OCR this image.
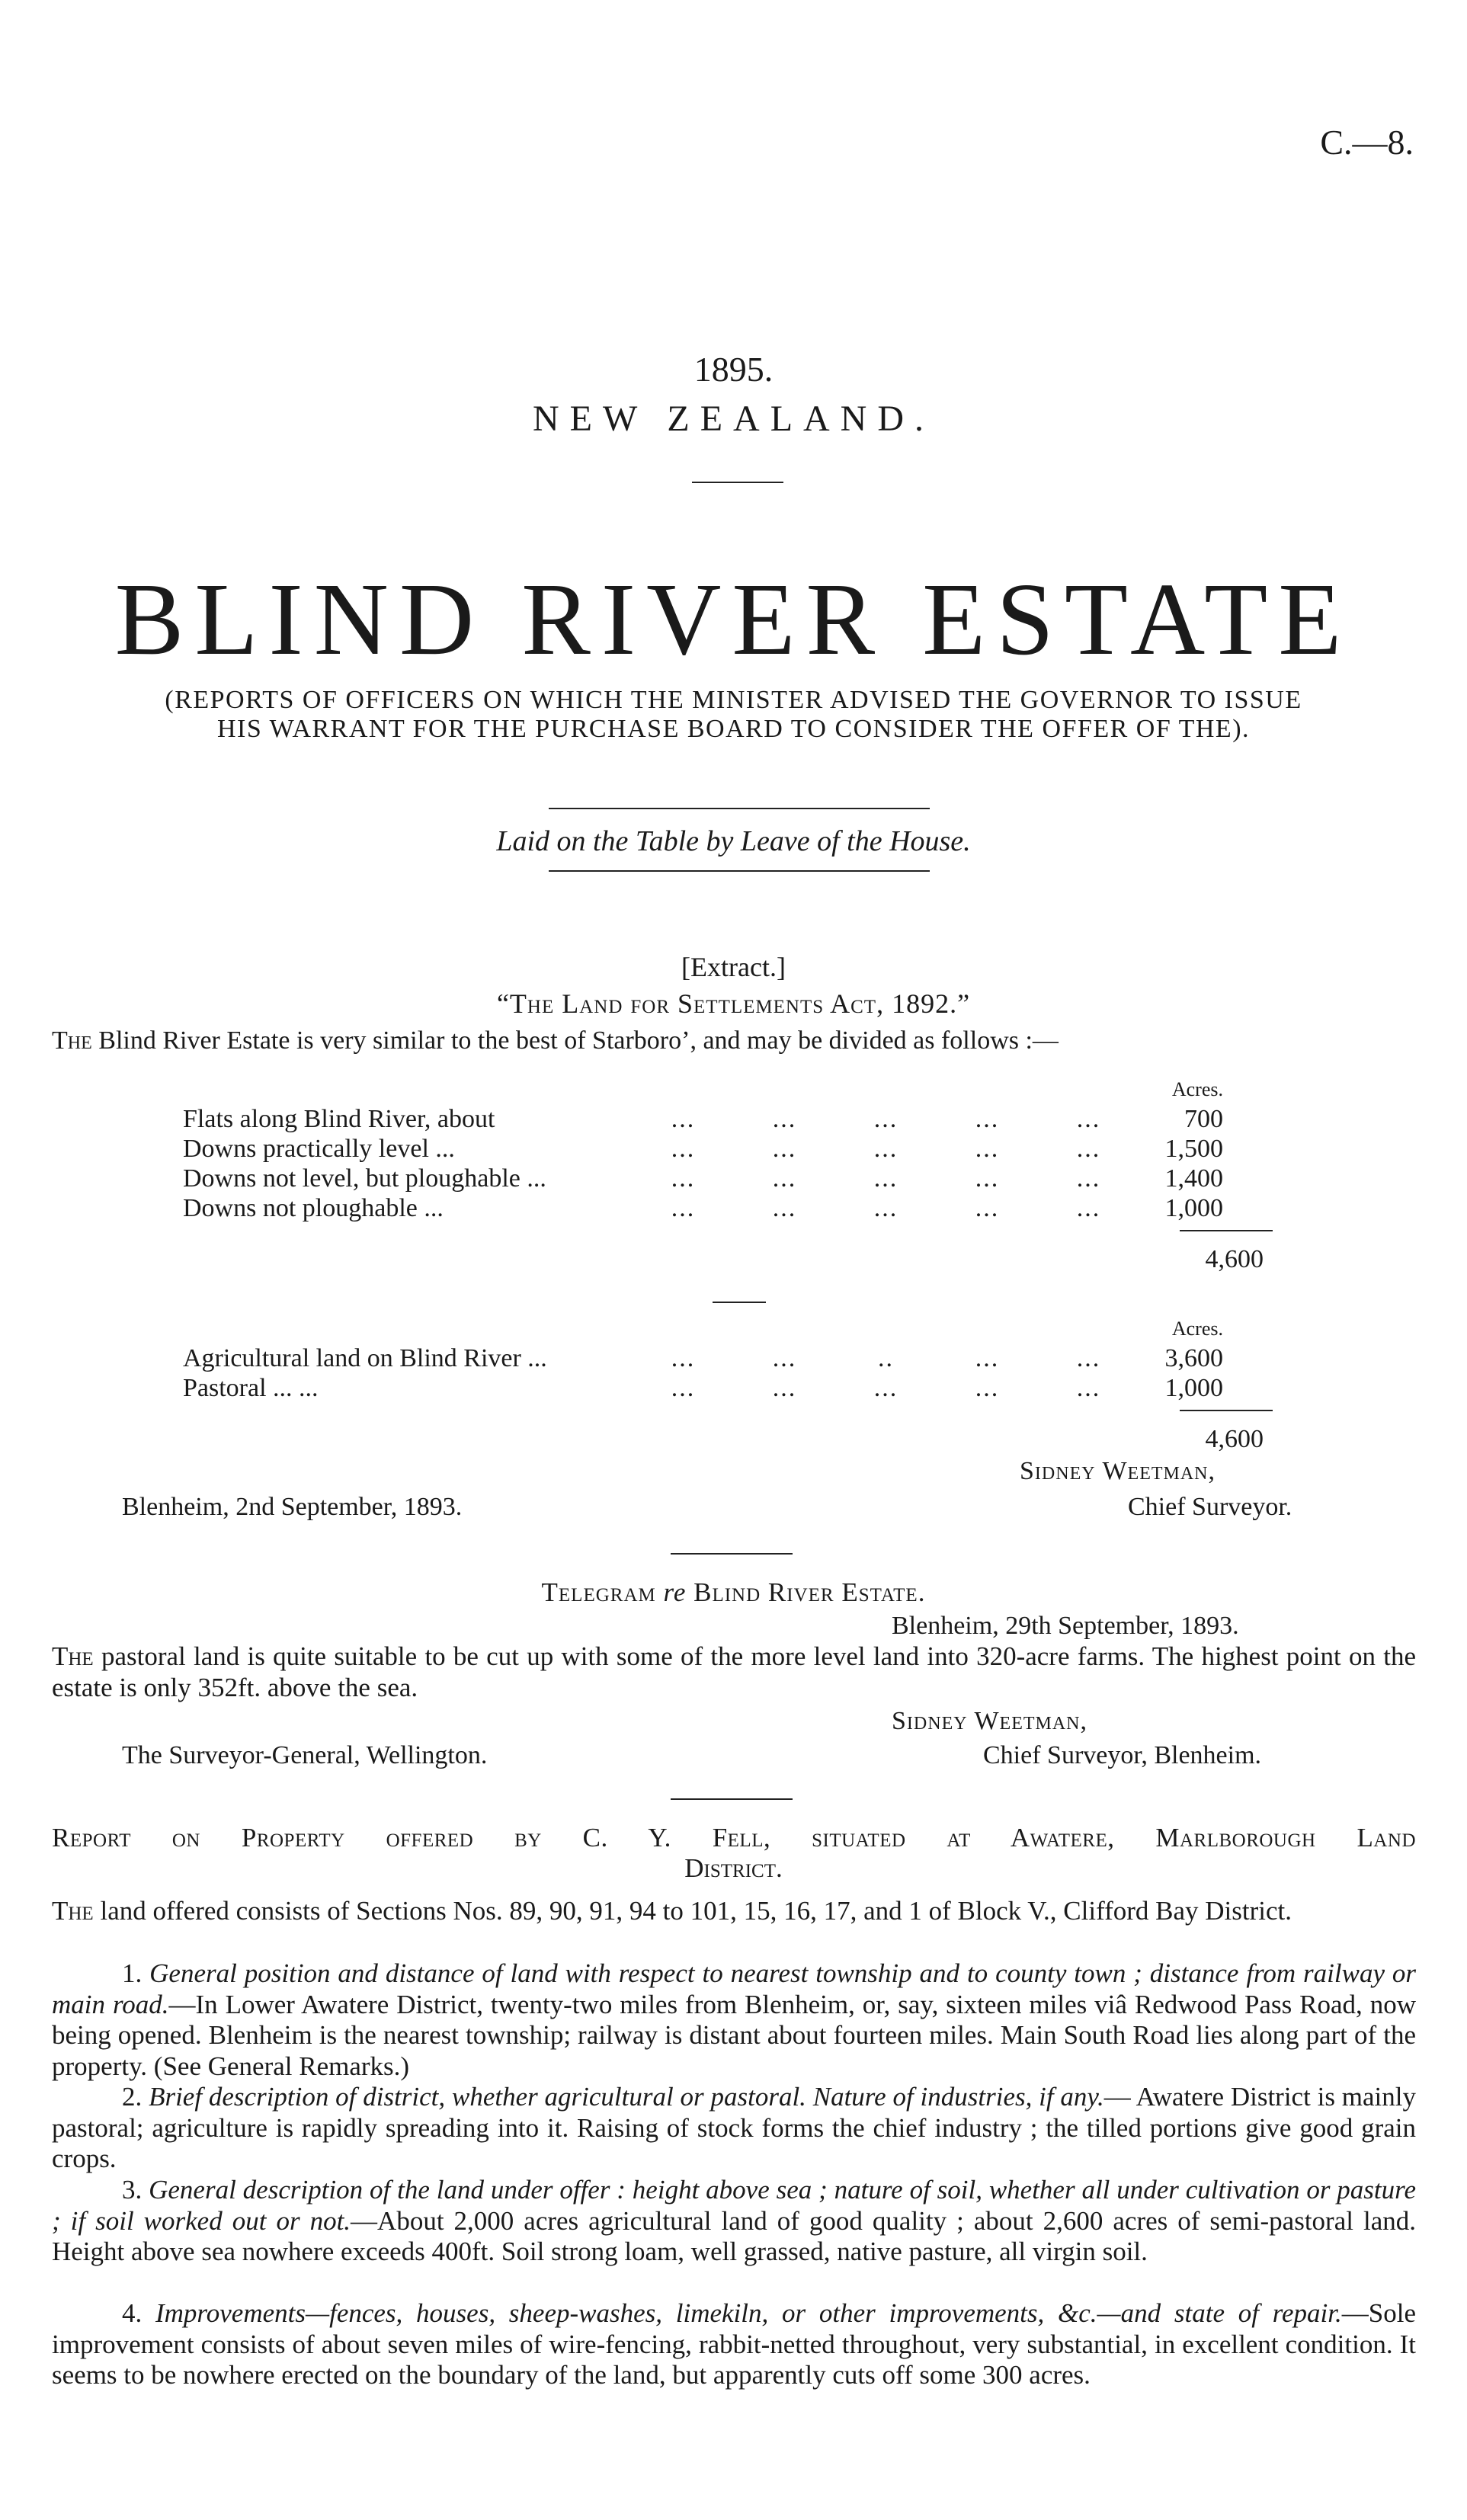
C.—8.
1895.
NEW ZEALAND.
BLIND RIVER ESTATE
(REPORTS OF OFFICERS ON WHICH THE MINISTER ADVISED THE GOVERNOR TO ISSUE
HIS WARRANT FOR THE PURCHASE BOARD TO CONSIDER THE OFFER OF THE).
Laid on the Table by Leave of the House.
[Extract.]
“The Land for Settlements Act, 1892.”
The Blind River Estate is very similar to the best of Starboro’, and may be divided as follows :—
						Acres.
Flats along Blind River, about	...	...	...	...	...	700
Downs practically level ...	...	...	...	...	...	1,500
Downs not level, but ploughable ...	...	...	...	...	...	1,400
Downs not ploughable ...	...	...	...	...	...	1,000
4,600
						Acres.
Agricultural land on Blind River ...	...	...	..	...	...	3,600
Pastoral ... ...	...	...	...	...	...	1,000
4,600
Sidney Weetman,
Blenheim, 2nd September, 1893.	Chief Surveyor.
Telegram re Blind River Estate.
Blenheim, 29th September, 1893.
The pastoral land is quite suitable to be cut up with some of the more level land into 320-acre farms. The highest point on the estate is only 352ft. above the sea.
Sidney Weetman,
The Surveyor-General, Wellington.	Chief Surveyor, Blenheim.
Report on Property offered by C. Y. Fell, situated at Awatere, Marlborough Land
District.
The land offered consists of Sections Nos. 89, 90, 91, 94 to 101, 15, 16, 17, and 1 of Block V., Clifford Bay District.
1. General position and distance of land with respect to nearest township and to county town ; distance from railway or main road.—In Lower Awatere District, twenty-two miles from Blenheim, or, say, sixteen miles viâ Redwood Pass Road, now being opened. Blenheim is the nearest township; railway is distant about fourteen miles. Main South Road lies along part of the property. (See General Remarks.)
2. Brief description of district, whether agricultural or pastoral. Nature of industries, if any.— Awatere District is mainly pastoral; agriculture is rapidly spreading into it. Raising of stock forms the chief industry ; the tilled portions give good grain crops.
3. General description of the land under offer : height above sea ; nature of soil, whether all under cultivation or pasture ; if soil worked out or not.—About 2,000 acres agricultural land of good quality ; about 2,600 acres of semi-pastoral land. Height above sea nowhere exceeds 400ft. Soil strong loam, well grassed, native pasture, all virgin soil.
4. Improvements—fences, houses, sheep-washes, limekiln, or other improvements, &c.—and state of repair.—Sole improvement consists of about seven miles of wire-fencing, rabbit-netted throughout, very substantial, in excellent condition. It seems to be nowhere erected on the boundary of the land, but apparently cuts off some 300 acres.
